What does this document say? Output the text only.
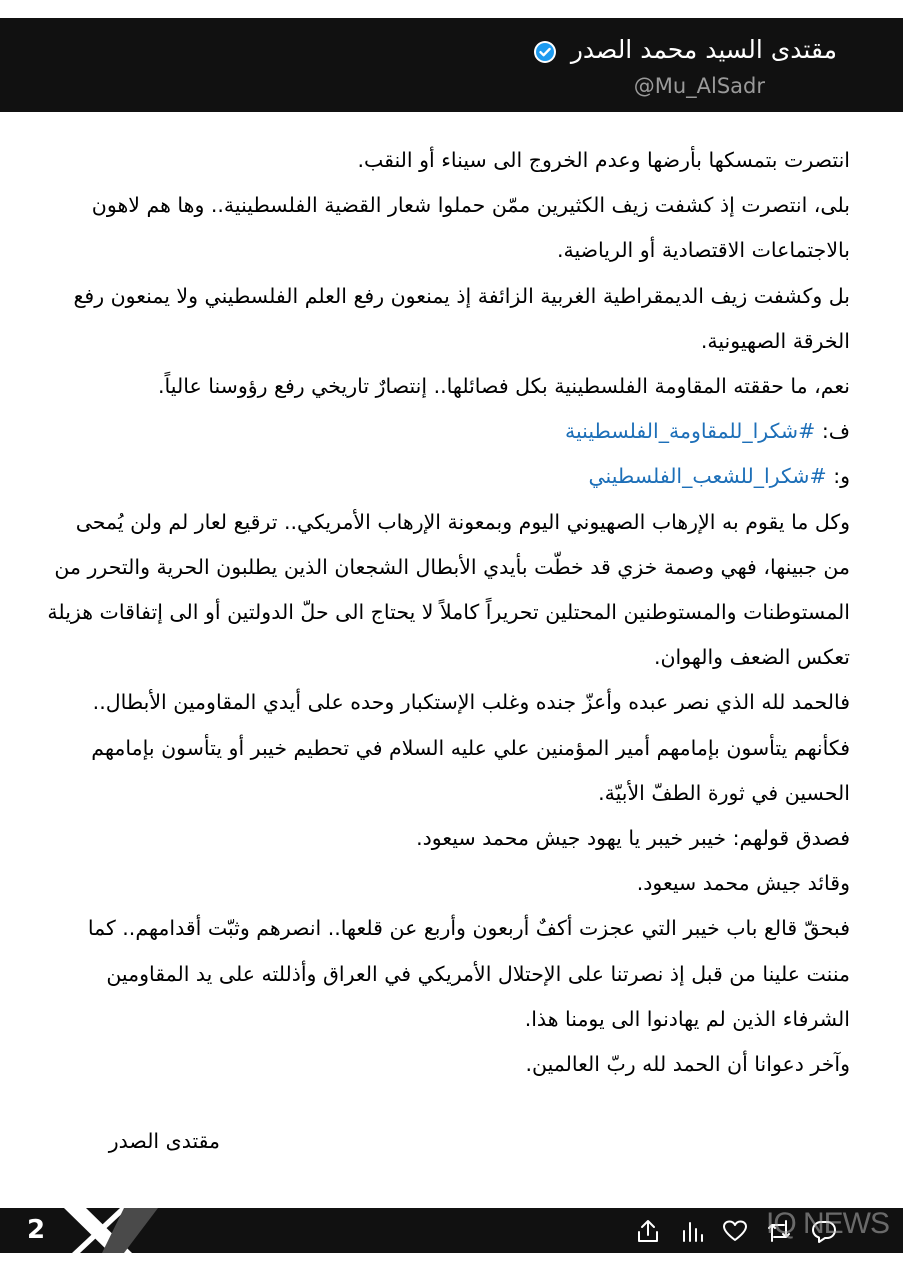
مقتدى السيد محمد الصدر
@Mu_AlSadr

انتصرت بتمسكها بأرضها وعدم الخروج الى سيناء أو النقب.

بلى، انتصرت إذ كشفت زيف الكثيرين ممّن حملوا شعار القضية الفلسطينية.. وها هم لاهون بالاجتماعات الاقتصادية أو الرياضية.

بل وكشفت زيف الديمقراطية الغربية الزائفة إذ يمنعون رفع العلم الفلسطيني ولا يمنعون رفع الخرقة الصهيونية.

نعم، ما حققته المقاومة الفلسطينية بكل فصائلها.. إنتصارٌ تاريخي رفع رؤوسنا عالياً.

ف: #شكرا_للمقاومة_الفلسطينية

و: #شكرا_للشعب_الفلسطيني

وكل ما يقوم به الإرهاب الصهيوني اليوم وبمعونة الإرهاب الأمريكي.. ترقيع لعار لم ولن يُمحى من جبينها، فهي وصمة خزي قد خطّت بأيدي الأبطال الشجعان الذين يطلبون الحرية والتحرر من المستوطنات والمستوطنين المحتلين تحريراً كاملاً لا يحتاج الى حلّ الدولتين أو الى إتفاقات هزيلة تعكس الضعف والهوان.

فالحمد لله الذي نصر عبده وأعزّ جنده وغلب الإستكبار وحده على أيدي المقاومين الأبطال.. فكأنهم يتأسون بإمامهم أمير المؤمنين علي عليه السلام في تحطيم خيبر أو يتأسون بإمامهم الحسين في ثورة الطفّ الأبيّة.

فصدق قولهم: خيبر خيبر يا يهود جيش محمد سيعود.

وقائد جيش محمد سيعود.

فبحقّ قالع باب خيبر التي عجزت أكفٌ أربعون وأربع عن قلعها.. انصرهم وثبّت أقدامهم.. كما مننت علينا من قبل إذ نصرتنا على الإحتلال الأمريكي في العراق وأذللته على يد المقاومين الشرفاء الذين لم يهادنوا الى يومنا هذا.

وآخر دعوانا أن الحمد لله ربّ العالمين.

مقتدى الصدر
2	IQ NEWS
